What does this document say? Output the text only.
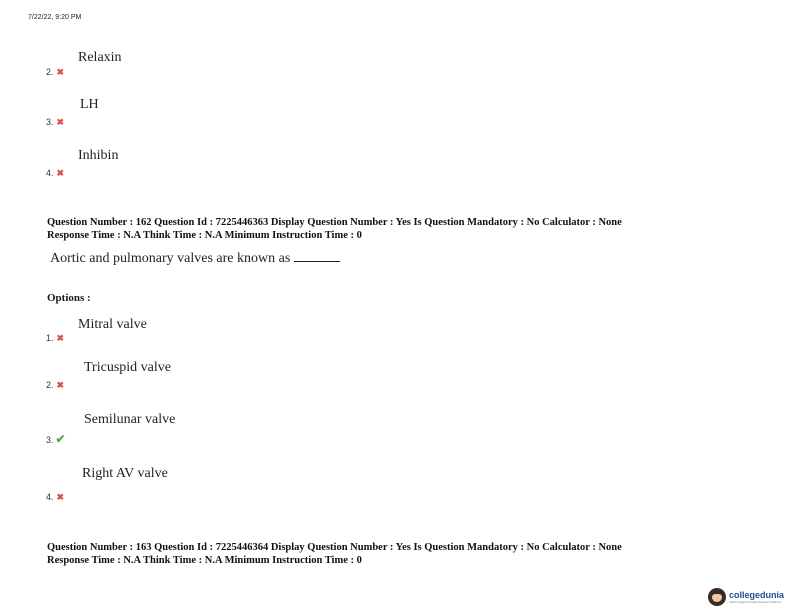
7/22/22, 9:20 PM
Relaxin
2. ✖
LH
3. ✖
Inhibin
4. ✖
Question Number : 162 Question Id : 7225446363 Display Question Number : Yes Is Question Mandatory : No Calculator : None
Response Time : N.A Think Time : N.A Minimum Instruction Time : 0
Aortic and pulmonary valves are known as
Options :
Mitral valve
1. ✖
Tricuspid valve
2. ✖
Semilunar valve
3. ✔
Right AV valve
4. ✖
Question Number : 163 Question Id : 7225446364 Display Question Number : Yes Is Question Mandatory : No Calculator : None
Response Time : N.A Think Time : N.A Minimum Instruction Time : 0
collegedunia
India's largest Student Review Platform
